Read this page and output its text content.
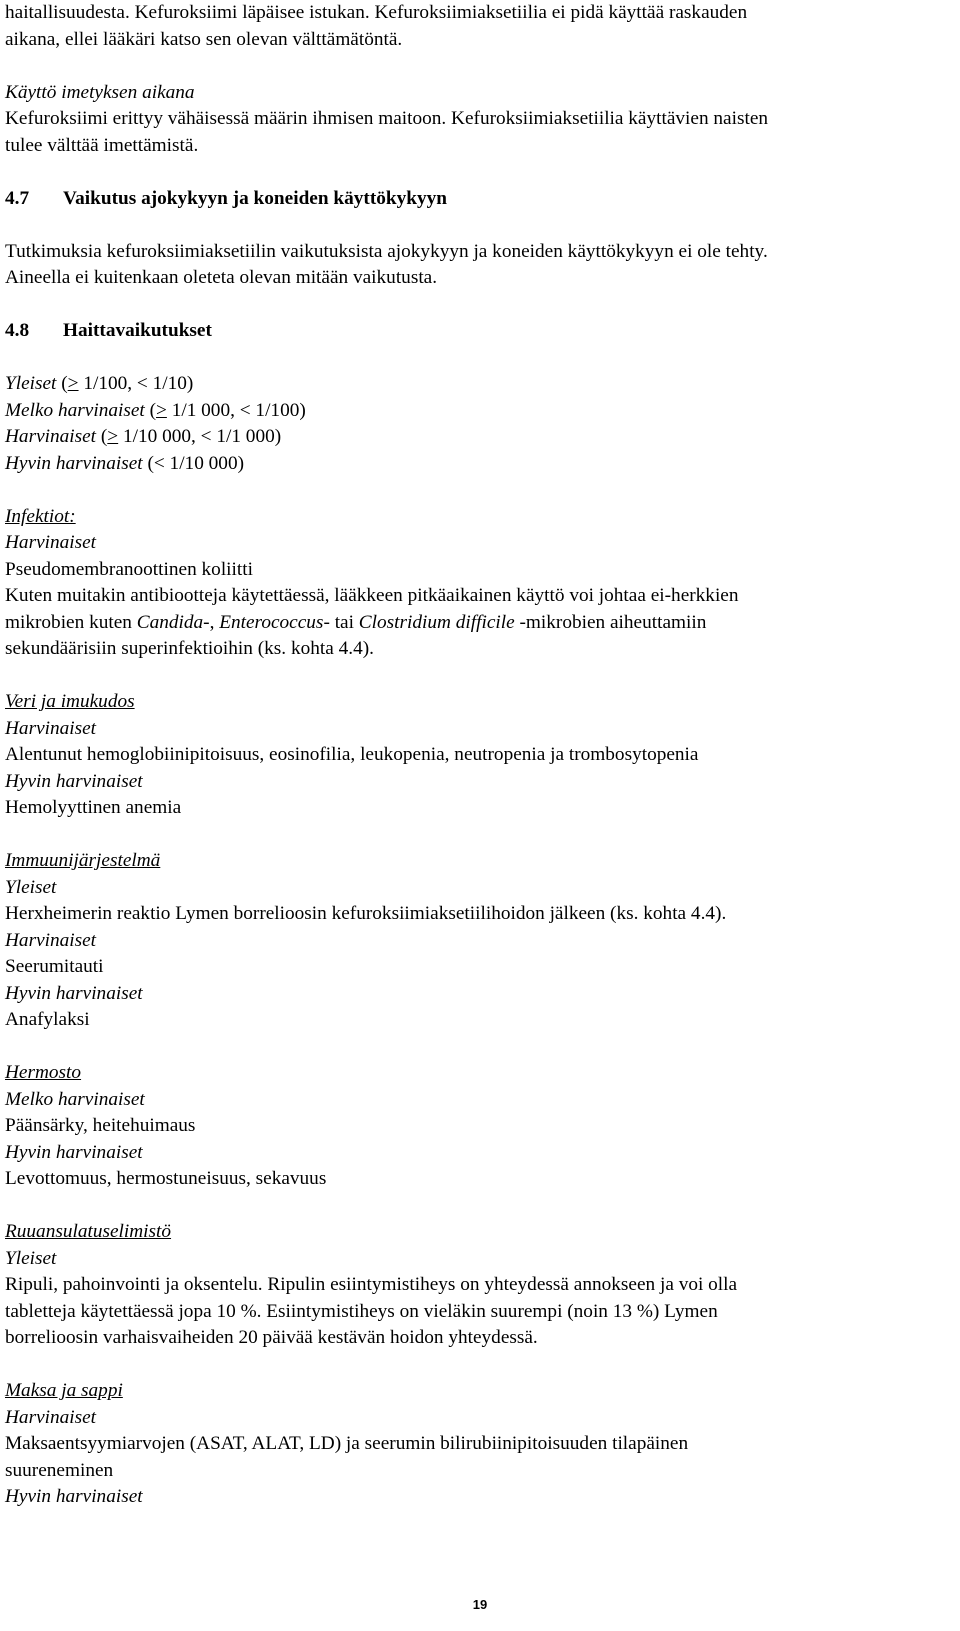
haitallisuudesta. Kefuroksiimi läpäisee istukan. Kefuroksiimiaksetiilia ei pidä käyttää raskauden

aikana, ellei lääkäri katso sen olevan välttämätöntä.

Käyttö imetyksen aikana

Kefuroksiimi erittyy vähäisessä määrin ihmisen maitoon. Kefuroksiimiaksetiilia käyttävien naisten

tulee välttää imettämistä.

4.7	Vaikutus ajokykyyn ja koneiden käyttökykyyn

Tutkimuksia kefuroksiimiaksetiilin vaikutuksista ajokykyyn ja koneiden käyttökykyyn ei ole tehty.

Aineella ei kuitenkaan oleteta olevan mitään vaikutusta.

4.8	Haittavaikutukset

Yleiset (> 1/100, < 1/10)

Melko harvinaiset (> 1/1 000, < 1/100)

Harvinaiset (> 1/10 000, < 1/1 000)

Hyvin harvinaiset (< 1/10 000)

Infektiot:

Harvinaiset

Pseudomembranoottinen koliitti

Kuten muitakin antibiootteja käytettäessä, lääkkeen pitkäaikainen käyttö voi johtaa ei-herkkien

mikrobien kuten Candida-, Enterococcus- tai Clostridium difficile -mikrobien aiheuttamiin

sekundäärisiin superinfektioihin (ks. kohta 4.4).

Veri ja imukudos

Harvinaiset

Alentunut hemoglobiinipitoisuus, eosinofilia, leukopenia, neutropenia ja trombosytopenia

Hyvin harvinaiset

Hemolyyttinen anemia

Immuunijärjestelmä

Yleiset

Herxheimerin reaktio Lymen borrelioosin kefuroksiimiaksetiilihoidon jälkeen (ks. kohta 4.4).

Harvinaiset

Seerumitauti

Hyvin harvinaiset

Anafylaksi

Hermosto

Melko harvinaiset

Päänsärky, heitehuimaus

Hyvin harvinaiset

Levottomuus, hermostuneisuus, sekavuus

Ruuansulatuselimistö

Yleiset

Ripuli, pahoinvointi ja oksentelu. Ripulin esiintymistiheys on yhteydessä annokseen ja voi olla

tabletteja käytettäessä jopa 10 %. Esiintymistiheys on vieläkin suurempi (noin 13 %) Lymen

borrelioosin varhaisvaiheiden 20 päivää kestävän hoidon yhteydessä.

Maksa ja sappi

Harvinaiset

Maksaentsyymiarvojen (ASAT, ALAT, LD) ja seerumin bilirubiinipitoisuuden tilapäinen

suureneminen

Hyvin harvinaiset

19
